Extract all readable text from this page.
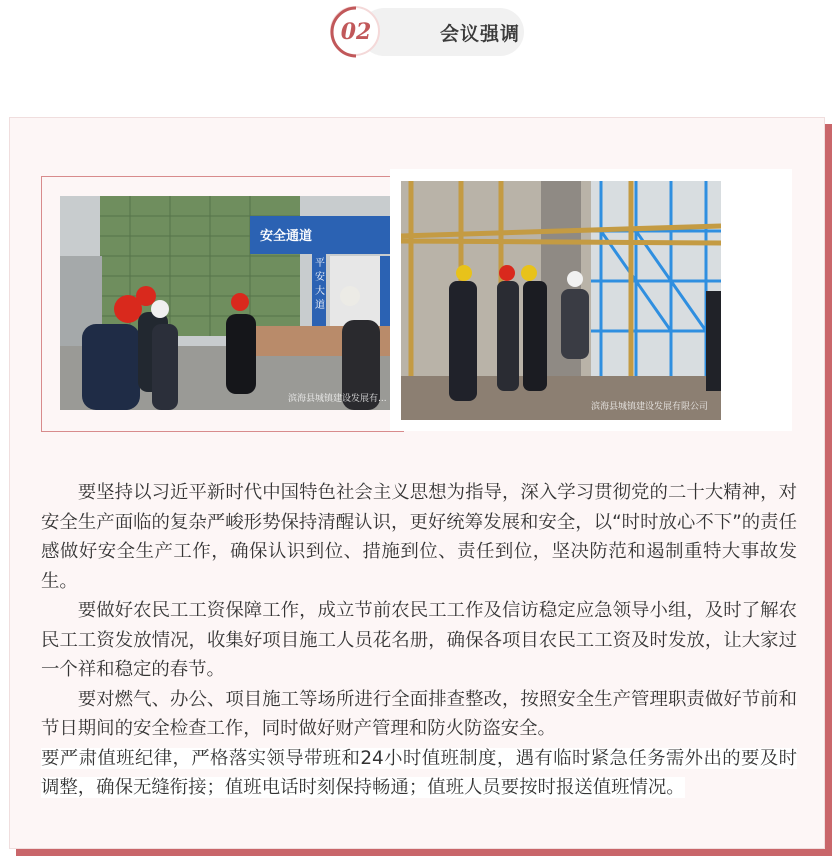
会议强调
02
安全通道
平
安
大
道
滨海县城镇建设发展有...
滨海县城镇建设发展有限公司

要坚持以习近平新时代中国特色社会主义思想为指导，深入学习贯彻党的二十大精神，对安全生产面临的复杂严峻形势保持清醒认识，更好统筹发展和安全，以“时时放心不下”的责任感做好安全生产工作，确保认识到位、措施到位、责任到位，坚决防范和遏制重特大事故发生。

要做好农民工工资保障工作，成立节前农民工工作及信访稳定应急领导小组，及时了解农民工工资发放情况，收集好项目施工人员花名册，确保各项目农民工工资及时发放，让大家过一个祥和稳定的春节。

要对燃气、办公、项目施工等场所进行全面排查整改，按照安全生产管理职责做好节前和节日期间的安全检查工作，同时做好财产管理和防火防盗安全。

要严肃值班纪律，严格落实领导带班和24小时值班制度，遇有临时紧急任务需外出的要及时调整，确保无缝衔接；值班电话时刻保持畅通；值班人员要按时报送值班情况。
